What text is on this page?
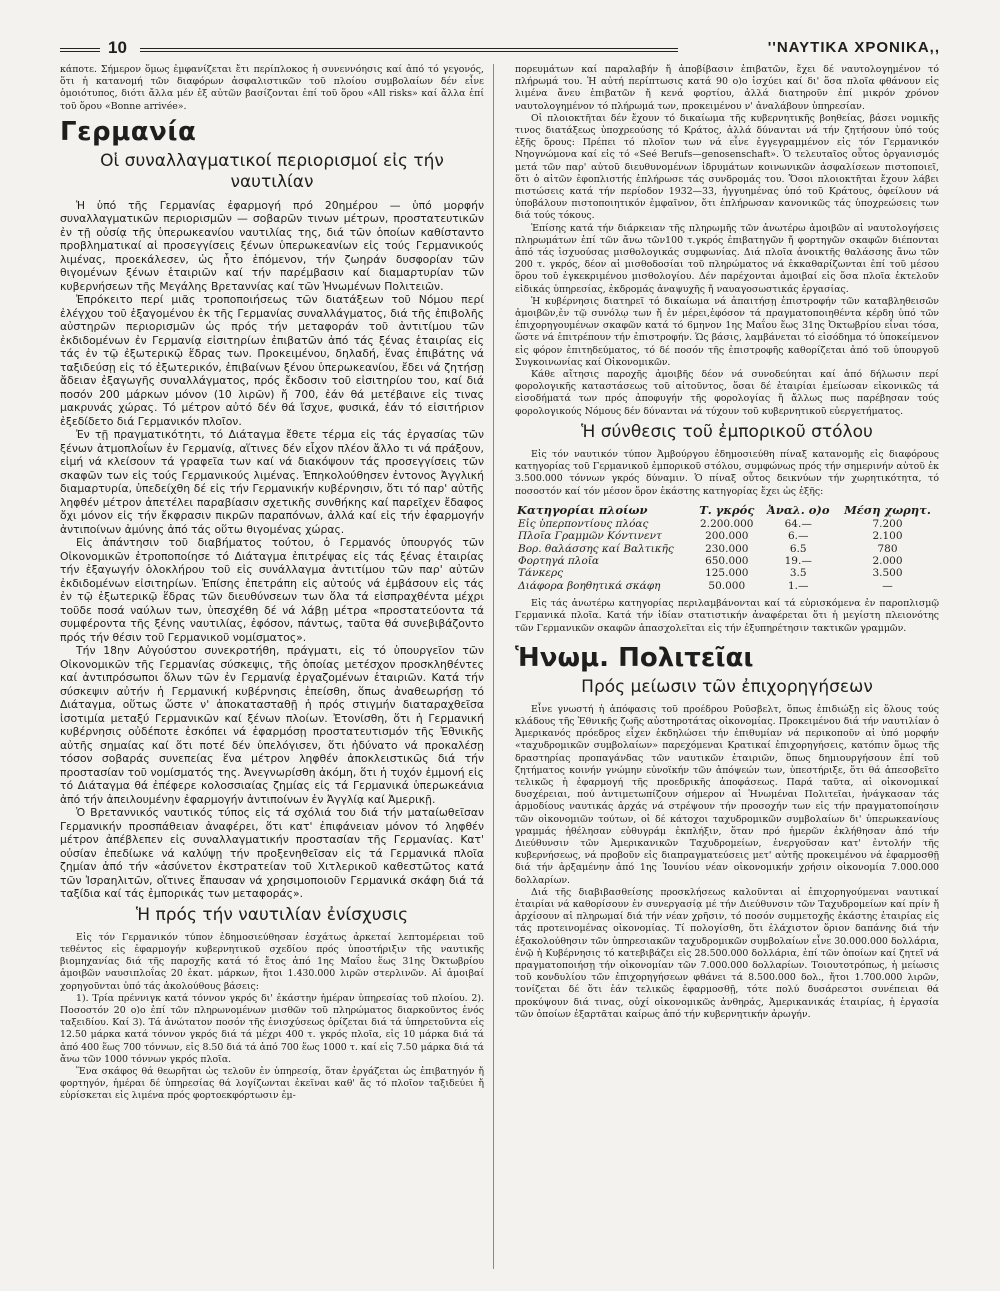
10	''ΝΑΥΤΙΚΑ ΧΡΟΝΙΚΑ,,

κάποτε. Σήμερον ὅμως ἐμφανίζεται ἔτι περίπλοκος ἡ συνεννόησις καί ἀπό τό γεγονός, ὅτι ἡ κατανομή τῶν διαφόρων ἀσφαλιστικῶν τοῦ πλοίου συμβολαίων δέν εἶνε ὁμοιότυπος, διότι ἄλλα μέν ἐξ αὐτῶν βασίζονται ἐπί τοῦ ὅρου «All risks» καί ἄλλα ἐπί τοῦ ὅρου «Bonne arrivée».

Γερμανία
Οἱ συναλλαγματικοί περιορισμοί εἰς τήν ναυτιλίαν

Ἡ ὑπό τῆς Γερμανίας ἐφαρμογή πρό 20ημέρου — ὑπό μορφήν συναλλαγματικῶν περιορισμῶν — σοβαρῶν τινων μέτρων, προστατευτικῶν ἐν τῇ οὐσίᾳ τῆς ὑπερωκεανίου ναυτιλίας της, διά τῶν ὁποίων καθίσταντο προβληματικαί αἱ προσεγγίσεις ξένων ὑπερωκεανίων εἰς τούς Γερμανικούς λιμένας, προεκάλεσεν, ὡς ἦτο ἑπόμενον, τήν ζωηράν δυσφορίαν τῶν θιγομένων ξένων ἑταιριῶν καί τήν παρέμβασιν καί διαμαρτυρίαν τῶν κυβερνήσεων τῆς Μεγάλης Βρεταννίας καί τῶν Ἡνωμένων Πολιτειῶν.

Ἐπρόκειτο περί μιᾶς τροποποιήσεως τῶν διατάξεων τοῦ Νόμου περί ἐλέγχου τοῦ ἐξαγομένου ἐκ τῆς Γερμανίας συναλλάγματος, διά τῆς ἐπιβολῆς αὐστηρῶν περιορισμῶν ὡς πρός τήν μεταφοράν τοῦ ἀντιτίμου τῶν ἐκδιδομένων ἐν Γερμανίᾳ εἰσιτηρίων ἐπιβατῶν ἀπό τάς ξένας ἑταιρίας εἰς τάς ἐν τῷ ἐξωτερικῷ ἕδρας των. Προκειμένου, δηλαδή, ἕνας ἐπιβάτης νά ταξιδεύσῃ εἰς τό ἐξωτερικόν, ἐπιβαίνων ξένου ὑπερωκεανίου, ἔδει νά ζητήσῃ ἄδειαν ἐξαγωγῆς συναλλάγματος, πρός ἔκδοσιν τοῦ εἰσιτηρίου του, καί διά ποσόν 200 μάρκων μόνον (10 λιρῶν) ἤ 700, ἐάν θά μετέβαινε εἰς τινας μακρυνάς χώρας. Τό μέτρον αὐτό δέν θά ἴσχυε, φυσικά, ἐάν τό εἰσιτήριον ἐξεδίδετο διά Γερμανικόν πλοῖον.

Ἐν τῇ πραγματικότητι, τό Διάταγμα ἔθετε τέρμα εἰς τάς ἐργασίας τῶν ξένων ἀτμοπλοΐων ἐν Γερμανίᾳ, αἵτινες δέν εἶχον πλέον ἄλλο τι νά πράξουν, εἰμή νά κλείσουν τά γραφεῖα των καί νά διακόψουν τάς προσεγγίσεις τῶν σκαφῶν των εἰς τούς Γερμανικούς λιμένας. Ἐπηκολούθησεν ἐντονος Ἀγγλική διαμαρτυρία, ὑπεδείχθη δέ εἰς τήν Γερμανικήν κυβέρνησιν, ὅτι τό παρ' αὐτῆς ληφθέν μέτρον ἀπετέλει παραβίασιν σχετικῆς συνθήκης καί παρεῖχεν ἔδαφος ὄχι μόνον εἰς τήν ἔκφρασιν πικρῶν παραπόνων, ἀλλά καί εἰς τήν ἐφαρμογήν ἀντιποίνων ἀμύνης ἀπό τάς οὕτω θιγομένας χώρας.

Εἰς ἀπάντησιν τοῦ διαβήματος τούτου, ὁ Γερμανός ὑπουργός τῶν Οἰκονομικῶν ἐτροποποίησε τό Διάταγμα ἐπιτρέψας εἰς τάς ξένας ἑταιρίας τήν ἐξαγωγήν ὁλοκλήρου τοῦ εἰς συνάλλαγμα ἀντιτίμου τῶν παρ' αὐτῶν ἐκδιδομένων εἰσιτηρίων. Ἐπίσης ἐπετράπη εἰς αὐτούς νά ἐμβάσουν εἰς τάς ἐν τῷ ἐξωτερικῷ ἕδρας τῶν διευθύνσεων των ὅλα τά εἰσπραχθέντα μέχρι τοῦδε ποσά ναύλων των, ὑπεσχέθη δέ νά λάβῃ μέτρα «προστατεύοντα τά συμφέροντα τῆς ξένης ναυτιλίας, ἐφόσον, πάντως, ταῦτα θά συνεβιβάζοντο πρός τήν θέσιν τοῦ Γερμανικοῦ νομίσματος».

Τήν 18ην Αὐγούστου συνεκροτήθη, πράγματι, εἰς τό ὑπουργεῖον τῶν Οἰκονομικῶν τῆς Γερμανίας σύσκεψις, τῆς ὁποίας μετέσχον προσκληθέντες καί ἀντιπρόσωποι ὅλων τῶν ἐν Γερμανίᾳ ἐργαζομένων ἑταιριῶν. Κατά τήν σύσκεψιν αὐτήν ἡ Γερμανική κυβέρνησις ἐπείσθη, ὅπως ἀναθεωρήσῃ τό Διάταγμα, οὕτως ὥστε ν' ἀποκατασταθῇ ἡ πρός στιγμήν διαταραχθεῖσα ἰσοτιμία μεταξύ Γερμανικῶν καί ξένων πλοίων. Ἐτονίσθη, ὅτι ἡ Γερμανική κυβέρνησις οὐδέποτε ἐσκόπει νά ἐφαρμόσῃ προστατευτισμόν τῆς Ἐθνικῆς αὐτῆς σημαίας καί ὅτι ποτέ δέν ὑπελόγισεν, ὅτι ἠδύνατο νά προκαλέσῃ τόσον σοβαράς συνεπείας ἕνα μέτρον ληφθέν ἀποκλειστικῶς διά τήν προστασίαν τοῦ νομίσματός της. Ἀνεγνωρίσθη ἀκόμη, ὅτι ἡ τυχόν ἐμμονή εἰς τό Διάταγμα θά ἐπέφερε κολοσσιαίας ζημίας εἰς τά Γερμανικά ὑπερωκεάνια ἀπό τήν ἀπειλουμένην ἐφαρμογήν ἀντιποίνων ἐν Ἀγγλίᾳ καί Ἀμερικῇ.

Ὁ Βρεταννικός ναυτικός τύπος εἰς τά σχόλιά του διά τήν ματαίωθεῖσαν Γερμανικήν προσπάθειαν ἀναφέρει, ὅτι κατ' ἐπιφάνειαν μόνον τό ληφθέν μέτρον ἀπέβλεπεν εἰς συναλλαγματικήν προστασίαν τῆς Γερμανίας. Κατ' οὐσίαν ἐπεδίωκε νά καλύψῃ τήν προξενηθεῖσαν εἰς τά Γερμανικά πλοῖα ζημίαν ἀπό τήν «ἀσύνετον ἐκστρατείαν τοῦ Χιτλερικοῦ καθεστῶτος κατά τῶν Ἰσραηλιτῶν, οἵτινες ἔπαυσαν νά χρησιμοποιοῦν Γερμανικά σκάφη διά τά ταξίδια καί τάς ἐμπορικάς των μεταφοράς».

Ἡ πρός τήν ναυτιλίαν ἐνίσχυσις

Εἰς τόν Γερμανικόν τύπον ἐδημοσιεύθησαν ἐσχάτως ἀρκεταί λεπτομέρειαι τοῦ τεθέντος εἰς ἐφαρμογήν κυβερνητικοῦ σχεδίου πρός ὑποστήριξιν τῆς ναυτικῆς βιομηχανίας διά τῆς παροχῆς κατά τό ἔτος ἀπό 1ης Μαΐου ἕως 31ης Ὀκτωβρίου ἀμοιβῶν ναυσιπλοΐας 20 ἑκατ. μάρκων, ἤτοι 1.430.000 λιρῶν στερλινῶν. Αἱ ἀμοιβαί χορηγοῦνται ὑπό τάς ἀκολούθους βάσεις:

1). Τρία πρέννιγκ κατά τόννον γκρός δι' ἑκάστην ἡμέραν ὑπηρεσίας τοῦ πλοίου. 2). Ποσοστόν 20 ο)ο ἐπί τῶν πληρωνομένων μισθῶν τοῦ πληρώματος διαρκοῦντος ἑνός ταξειδίου. Καί 3). Τά ἀνώτατον ποσόν τῆς ἐνισχύσεως ὁρίζεται διά τά ὑπηρετοῦντα εἰς 12.50 μάρκα κατά τόννον γκρός διά τά μέχρι 400 τ. γκρός πλοῖα, εἰς 10 μάρκα διά τά ἀπό 400 ἕως 700 τόννων, εἰς 8.50 διά τά ἀπό 700 ἕως 1000 τ. καί εἰς 7.50 μάρκα διά τά ἄνω τῶν 1000 τόννων γκρός πλοῖα.

Ἕνα σκάφος θά θεωρῆται ὡς τελοῦν ἐν ὑπηρεσίᾳ, ὅταν ἐργάζεται ὡς ἐπιβατηγόν ἤ φορτηγόν, ἡμέραι δέ ὑπηρεσίας θά λογίζωνται ἐκεῖναι καθ' ἅς τό πλοῖον ταξιδεύει ἤ εὑρίσκεται εἰς λιμένα πρός φορτοεκφόρτωσιν ἐμ-

πορευμάτων καί παραλαβήν ἤ ἀποβίβασιν ἐπιβατῶν, ἔχει δέ ναυτολογημένον τό πλήρωμά του. Ἡ αὐτή περίπτωσις κατά 90 ο)ο ἰσχύει καί δι' ὅσα πλοῖα φθάνουν εἰς λιμένα ἄνευ ἐπιβατῶν ἤ κενά φορτίου, ἀλλά διατηροῦν ἐπί μικρόν χρόνον ναυτολογημένον τό πλήρωμά των, προκειμένου ν' ἀναλάβουν ὑπηρεσίαν.

Οἱ πλοιοκτῆται δέν ἔχουν τό δικαίωμα τῆς κυβερνητικῆς βοηθείας, βάσει νομικῆς τινος διατάξεως ὑποχρεούσης τό Κράτος, ἀλλά δύνανται νά τήν ζητήσουν ὑπό τούς ἑξῆς ὅρους: Πρέπει τό πλοῖον των νά εἶνε ἐγγεγραμμένον εἰς τόν Γερμανικόν Νηογνώμονα καί εἰς τό «Seé Berufs—genosenschaft». Ὁ τελευταῖος οὗτος ὀργανισμός μετά τῶν παρ' αὐτοῦ διευθυνομένων ἱδρυμάτων κοινωνικῶν ἀσφαλίσεων πιστοποιεῖ, ὅτι ὁ αἰτῶν ἐφοπλιστής ἐπλήρωσε τάς συνδρομάς του. Ὅσοι πλοιοκτῆται ἔχουν λάβει πιστώσεις κατά τήν περίοδον 1932—33, ἠγγυημένας ὑπό τοῦ Κράτους, ὀφείλουν νά ὑποβάλουν πιστοποιητικόν ἐμφαῖνον, ὅτι ἐπλήρωσαν κανονικῶς τάς ὑποχρεώσεις των διά τούς τόκους.

Ἐπίσης κατά τήν διάρκειαν τῆς πληρωμῆς τῶν ἀνωτέρω ἀμοιβῶν αἱ ναυτολογήσεις πληρωμάτων ἐπί τῶν ἄνω τῶν100 τ.γκρός ἐπιβατηγῶν ἤ φορτηγῶν σκαφῶν διέπονται ἀπό τάς ἰσχυούσας μισθολογικάς συμφωνίας. Διά πλοῖα ἀνοικτῆς θαλάσσης ἄνω τῶν 200 τ. γκρός, δέον αἱ μισθοδοσίαι τοῦ πληρώματος νά ἐκκαθαρίζωνται ἐπί τοῦ μέσου ὅρου τοῦ ἐγκεκριμένου μισθολογίου. Δέν παρέχονται ἀμοιβαί εἰς ὅσα πλοῖα ἐκτελοῦν εἰδικάς ὑπηρεσίας, ἐκδρομάς ἀναψυχῆς ἤ ναυαγοσωστικάς ἐργασίας.

Ἡ κυβέρνησις διατηρεῖ τό δικαίωμα νά ἀπαιτήσῃ ἐπιστροφήν τῶν καταβληθεισῶν ἀμοιβῶν,ἐν τῷ συνόλῳ των ἤ ἐν μέρει,ἐφόσον τά πραγματοποιηθέντα κέρδη ὑπό τῶν ἐπιχορηγουμένων σκαφῶν κατά τό 6μηνον 1ης Μαΐου ἕως 31ης Ὀκτωβρίου εἶναι τόσα, ὥστε νά ἐπιτρέπουν τήν ἐπιστροφήν. Ὡς βάσις, λαμβάνεται τό εἰσόδημα τό ὑποκείμενον εἰς φόρον ἐπιτηδεύματος, τό δέ ποσόν τῆς ἐπιστροφῆς καθορίζεται ἀπό τοῦ ὑπουργοῦ Συγκοινωνίας καί Οἰκονομικῶν.

Κάθε αἴτησις παροχῆς ἀμοιβῆς δέον νά συνοδεύηται καί ἀπό δήλωσιν περί φορολογικῆς καταστάσεως τοῦ αἰτοῦντος, ὅσαι δέ ἑταιρίαι ἐμείωσαν εἰκονικῶς τά εἰσοδήματά των πρός ἀποφυγήν τῆς φορολογίας ἤ ἄλλως πως παρέβησαν τούς φορολογικούς Νόμους δέν δύνανται νά τύχουν τοῦ κυβερνητικοῦ εὐεργετήματος.

Ἡ σύνθεσις τοῦ ἐμπορικοῦ στόλου

Εἰς τόν ναυτικόν τύπον Ἀμβούργου ἐδημοσιεύθη πίναξ κατανομῆς εἰς διαφόρους κατηγορίας τοῦ Γερμανικοῦ ἐμπορικοῦ στόλου, συμφώνως πρός τήν σημερινήν αὐτοῦ ἐκ 3.500.000 τόννων γκρός δύναμιν. Ὁ πίναξ οὗτος δεικνύων τήν χωρητικότητα, τό ποσοστόν καί τόν μέσον ὅρον ἑκάστης κατηγορίας ἔχει ὡς ἑξῆς:

Κατηγορίαι πλοίων	Τ. γκρός	Ἀναλ. ο)ο	Μέση χωρητ.
Εἰς ὑπερποντίους πλόας	2.200.000	64.—	7.200
Πλοῖα Γραμμῶν Κόντινεντ	200.000	6.—	2.100
Βορ. θαλάσσης καί Βαλτικῆς	230.000	6.5	780
Φορτηγά πλοῖα	650.000	19.—	2.000
Τάνκερς	125.000	3.5	3.500
Διάφορα βοηθητικά σκάφη	50.000	1.—	—

Εἰς τάς ἀνωτέρω κατηγορίας περιλαμβάνονται καί τά εὑρισκόμενα ἐν παροπλισμῷ Γερμανικά πλοῖα. Κατά τήν ἰδίαν στατιστικήν ἀναφέρεται ὅτι ἡ μεγίστη πλειονότης τῶν Γερμανικῶν σκαφῶν ἀπασχολεῖται εἰς τήν ἐξυπηρέτησιν τακτικῶν γραμμῶν.

Ἡνωμ. Πολιτεῖαι
Πρός μείωσιν τῶν ἐπιχορηγήσεων

Εἶνε γνωστή ἡ ἀπόφασις τοῦ προέδρου Ροῦσβελτ, ὅπως ἐπιδιώξῃ εἰς ὅλους τούς κλάδους τῆς Ἐθνικῆς ζωῆς αὐστηροτάτας οἰκονομίας. Προκειμένου διά τήν ναυτιλίαν ὁ Ἀμερικανός πρόεδρος εἶχεν ἐκδηλώσει τήν ἐπιθυμίαν νά περικοποῦν αἱ ὑπό μορφήν «ταχυδρομικῶν συμβολαίων» παρεχόμεναι Κρατικαί ἐπιχορηγήσεις, κατόπιν ὅμως τῆς δραστηρίας προπαγάνδας τῶν ναυτικῶν ἑταιριῶν, ὅπως δημιουργήσουν ἐπί τοῦ ζητήματος κοινήν γνώμην εὐνοϊκήν τῶν ἀπόψεών των, ὑπεστήριξε, ὅτι θά ἀπεσοβεῖτο τελικῶς ἡ ἐφαρμογή τῆς προεδρικῆς ἀποφάσεως. Παρά ταῦτα, αἱ οἰκονομικαί δυσχέρειαι, πού ἀντιμετωπίζουν σήμερον αἱ Ἡνωμέναι Πολιτεῖαι, ἠνάγκασαν τάς ἁρμοδίους ναυτικάς ἀρχάς νά στρέψουν τήν προσοχήν των εἰς τήν πραγματοποίησιν τῶν οἰκονομιῶν τούτων, οἱ δέ κάτοχοι ταχυδρομικῶν συμβολαίων δι' ὑπερωκεανίους γραμμάς ἠθέλησαν εὐθυγράμ ἐκπλήξιν, ὅταν πρό ἡμερῶν ἐκλήθησαν ἀπό τήν Διεύθυνσιν τῶν Ἀμερικανικῶν Ταχυδρομείων, ἐνεργοῦσαν κατ' ἐντολήν τῆς κυβερνήσεως, νά προβοῦν εἰς διαπραγματεύσεις μετ' αὐτῆς προκειμένου νά ἐφαρμοσθῇ διά τήν ἀρξαμένην ἀπό 1ης Ἰουνίου νέαν οἰκονομικήν χρήσιν οἰκονομία 7.000.000 δολλαρίων.

Διά τῆς διαβιβασθείσης προσκλήσεως καλοῦνται αἱ ἐπιχορηγούμεναι ναυτικαί ἑταιρίαι νά καθορίσουν ἐν συνεργασίᾳ μέ τήν Διεύθυνσιν τῶν Ταχυδρομείων καί πρίν ἤ ἀρχίσουν αἱ πληρωμαί διά τήν νέαν χρῆσιν, τό ποσόν συμμετοχῆς ἑκάστης ἑταιρίας εἰς τάς προτεινομένας οἰκονομίας. Τί πολογίσθη, ὅτι ἐλάχιστον ὅριον δαπάνης διά τήν ἐξακολούθησιν τῶν ὑπηρεσιακῶν ταχυδρομικῶν συμβολαίων εἶνε 30.000.000 δολλάρια, ἐνῷ ἡ Κυβέρνησις τό κατεβιβάζει εἰς 28.500.000 δολλάρια, ἐπί τῶν ὁποίων καί ζητεῖ νά πραγματοποιήσῃ τήν οἰκονομίαν τῶν 7.000.000 δολλαρίων. Τοιουτοτρόπως, ἡ μείωσις τοῦ κονδυλίου τῶν ἐπιχορηγήσεων φθάνει τά 8.500.000 δολ., ἤτοι 1.700.000 λιρῶν, τονίζεται δέ ὅτι ἐάν τελικῶς ἐφαρμοσθῇ, τότε πολύ δυσάρεστοι συνέπειαι θά προκύψουν διά τινας, οὐχί οἰκονομικῶς ἀνθηράς, Ἀμερικανικάς ἑταιρίας, ἡ ἐργασία τῶν ὁποίων ἐξαρτᾶται καίρως ἀπό τήν κυβερνητικήν ἀρωγήν.
